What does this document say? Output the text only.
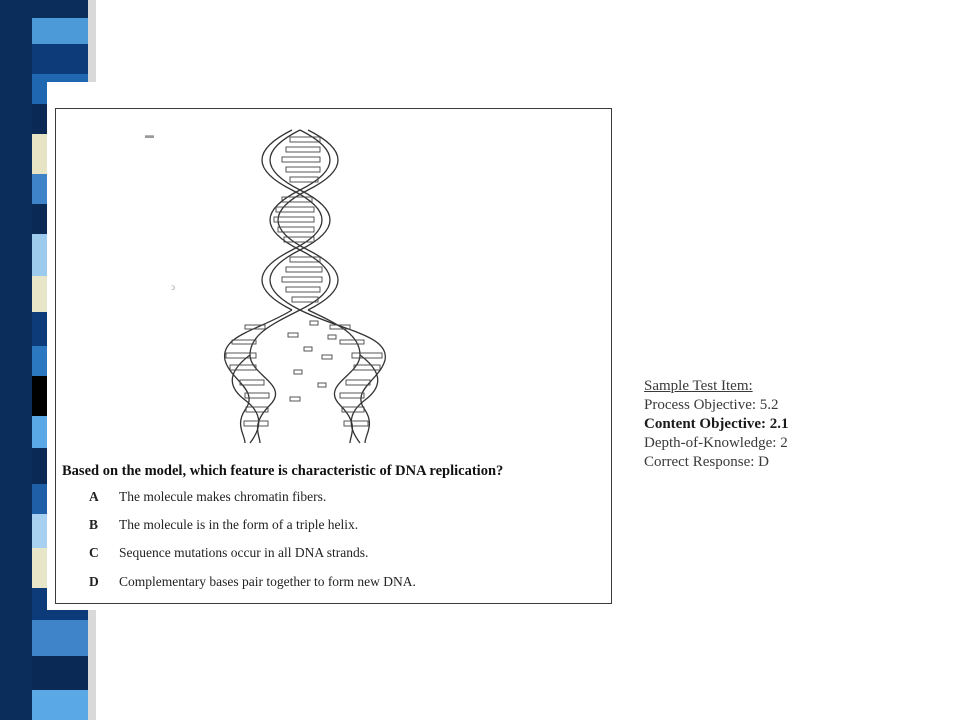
▬
ↄ
Based on the model, which feature is characteristic of DNA replication?
A The molecule makes chromatin fibers.
B The molecule is in the form of a triple helix.
C Sequence mutations occur in all DNA strands.
D Complementary bases pair together to form new DNA.
Sample Test Item:
Process Objective: 5.2
Content Objective: 2.1
Depth-of-Knowledge: 2
Correct Response: D
